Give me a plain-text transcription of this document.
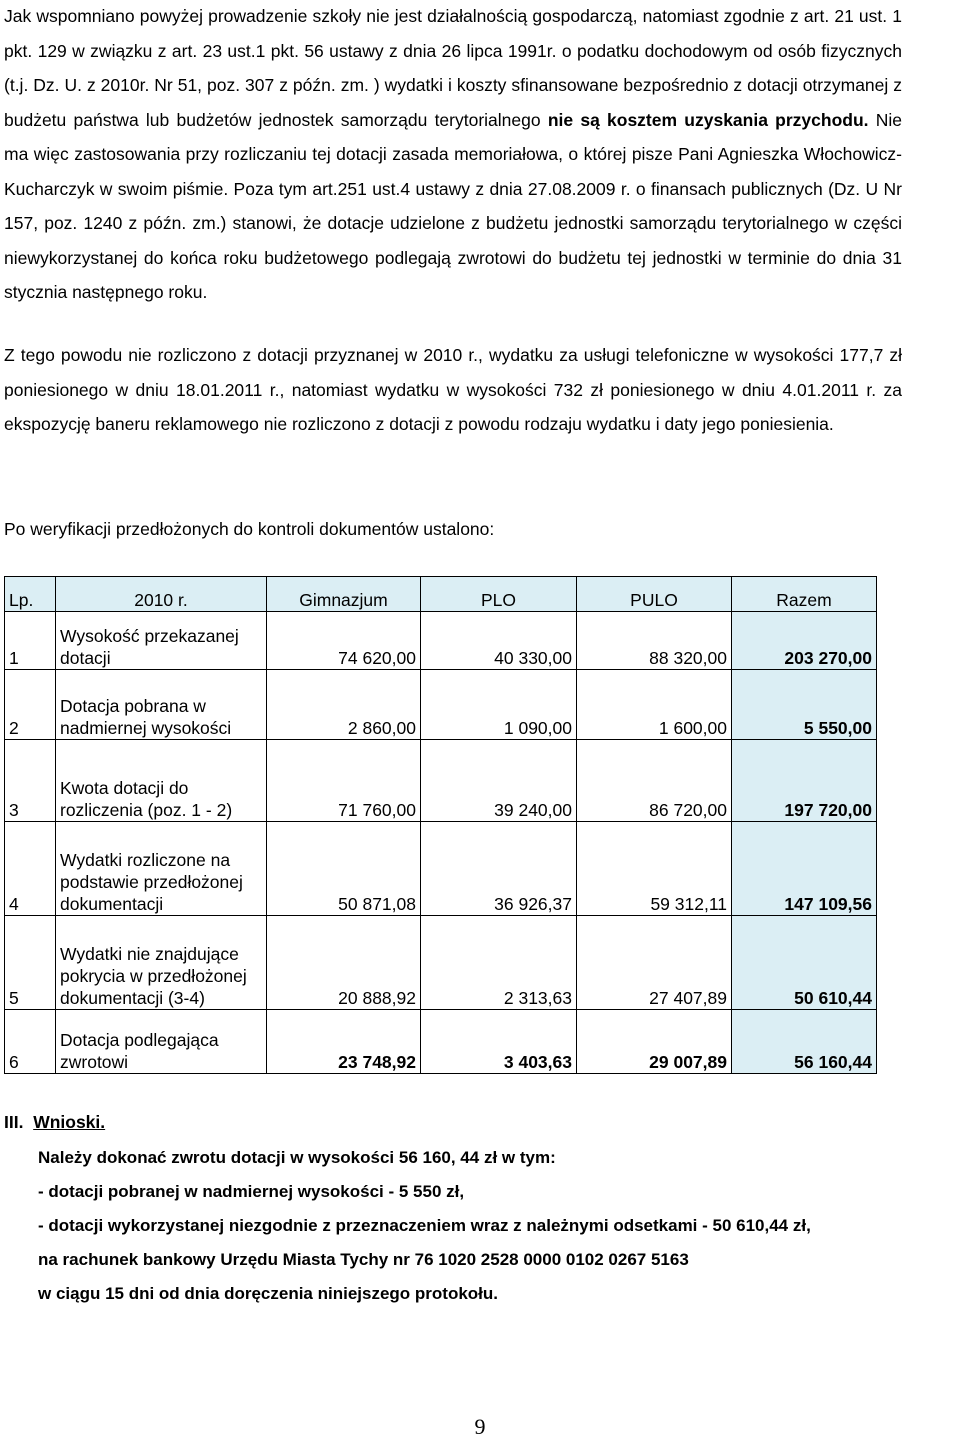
Jak wspomniano powyżej prowadzenie szkoły nie jest działalnością gospodarczą, natomiast zgodnie z art. 21 ust. 1 pkt. 129 w związku z art. 23 ust.1 pkt. 56 ustawy z dnia 26 lipca 1991r. o podatku dochodowym od osób fizycznych (t.j. Dz. U. z 2010r. Nr 51, poz. 307 z późn. zm. ) wydatki i koszty sfinansowane bezpośrednio z dotacji otrzymanej z budżetu państwa lub budżetów jednostek samorządu terytorialnego nie są kosztem uzyskania przychodu. Nie ma więc zastosowania przy rozliczaniu tej dotacji zasada memoriałowa, o której pisze Pani Agnieszka Włochowicz- Kucharczyk w swoim piśmie. Poza tym art.251 ust.4 ustawy z dnia 27.08.2009 r. o finansach publicznych (Dz. U Nr 157, poz. 1240 z późn. zm.) stanowi, że dotacje udzielone z budżetu jednostki samorządu terytorialnego w części niewykorzystanej do końca roku budżetowego podlegają zwrotowi do budżetu tej jednostki w terminie do dnia 31 stycznia następnego roku.
Z tego powodu nie rozliczono z dotacji przyznanej w 2010 r., wydatku za usługi telefoniczne w wysokości 177,7 zł poniesionego w dniu 18.01.2011 r., natomiast wydatku w wysokości 732 zł poniesionego w dniu 4.01.2011 r. za ekspozycję baneru reklamowego nie rozliczono z dotacji z powodu rodzaju wydatku i daty jego poniesienia.
Po weryfikacji przedłożonych do kontroli dokumentów ustalono:
Lp.	2010 r.	Gimnazjum	PLO	PULO	Razem
1	Wysokość przekazanej dotacji	74 620,00	40 330,00	88 320,00	203 270,00
2	Dotacja pobrana w nadmiernej wysokości	2 860,00	1 090,00	1 600,00	5 550,00
3	Kwota dotacji do rozliczenia (poz. 1 - 2)	71 760,00	39 240,00	86 720,00	197 720,00
4	Wydatki rozliczone na podstawie przedłożonej dokumentacji	50 871,08	36 926,37	59 312,11	147 109,56
5	Wydatki nie znajdujące pokrycia w przedłożonej dokumentacji (3-4)	20 888,92	2 313,63	27 407,89	50 610,44
6	Dotacja podlegająca zwrotowi	23 748,92	3 403,63	29 007,89	56 160,44
III. Wnioski.
Należy dokonać zwrotu dotacji w wysokości 56 160, 44 zł w tym:
- dotacji pobranej w nadmiernej wysokości - 5 550 zł,
- dotacji wykorzystanej niezgodnie z przeznaczeniem wraz z należnymi odsetkami - 50 610,44 zł,
na rachunek bankowy Urzędu Miasta Tychy nr 76 1020 2528 0000 0102 0267 5163
w ciągu 15 dni od dnia doręczenia niniejszego protokołu.
9
